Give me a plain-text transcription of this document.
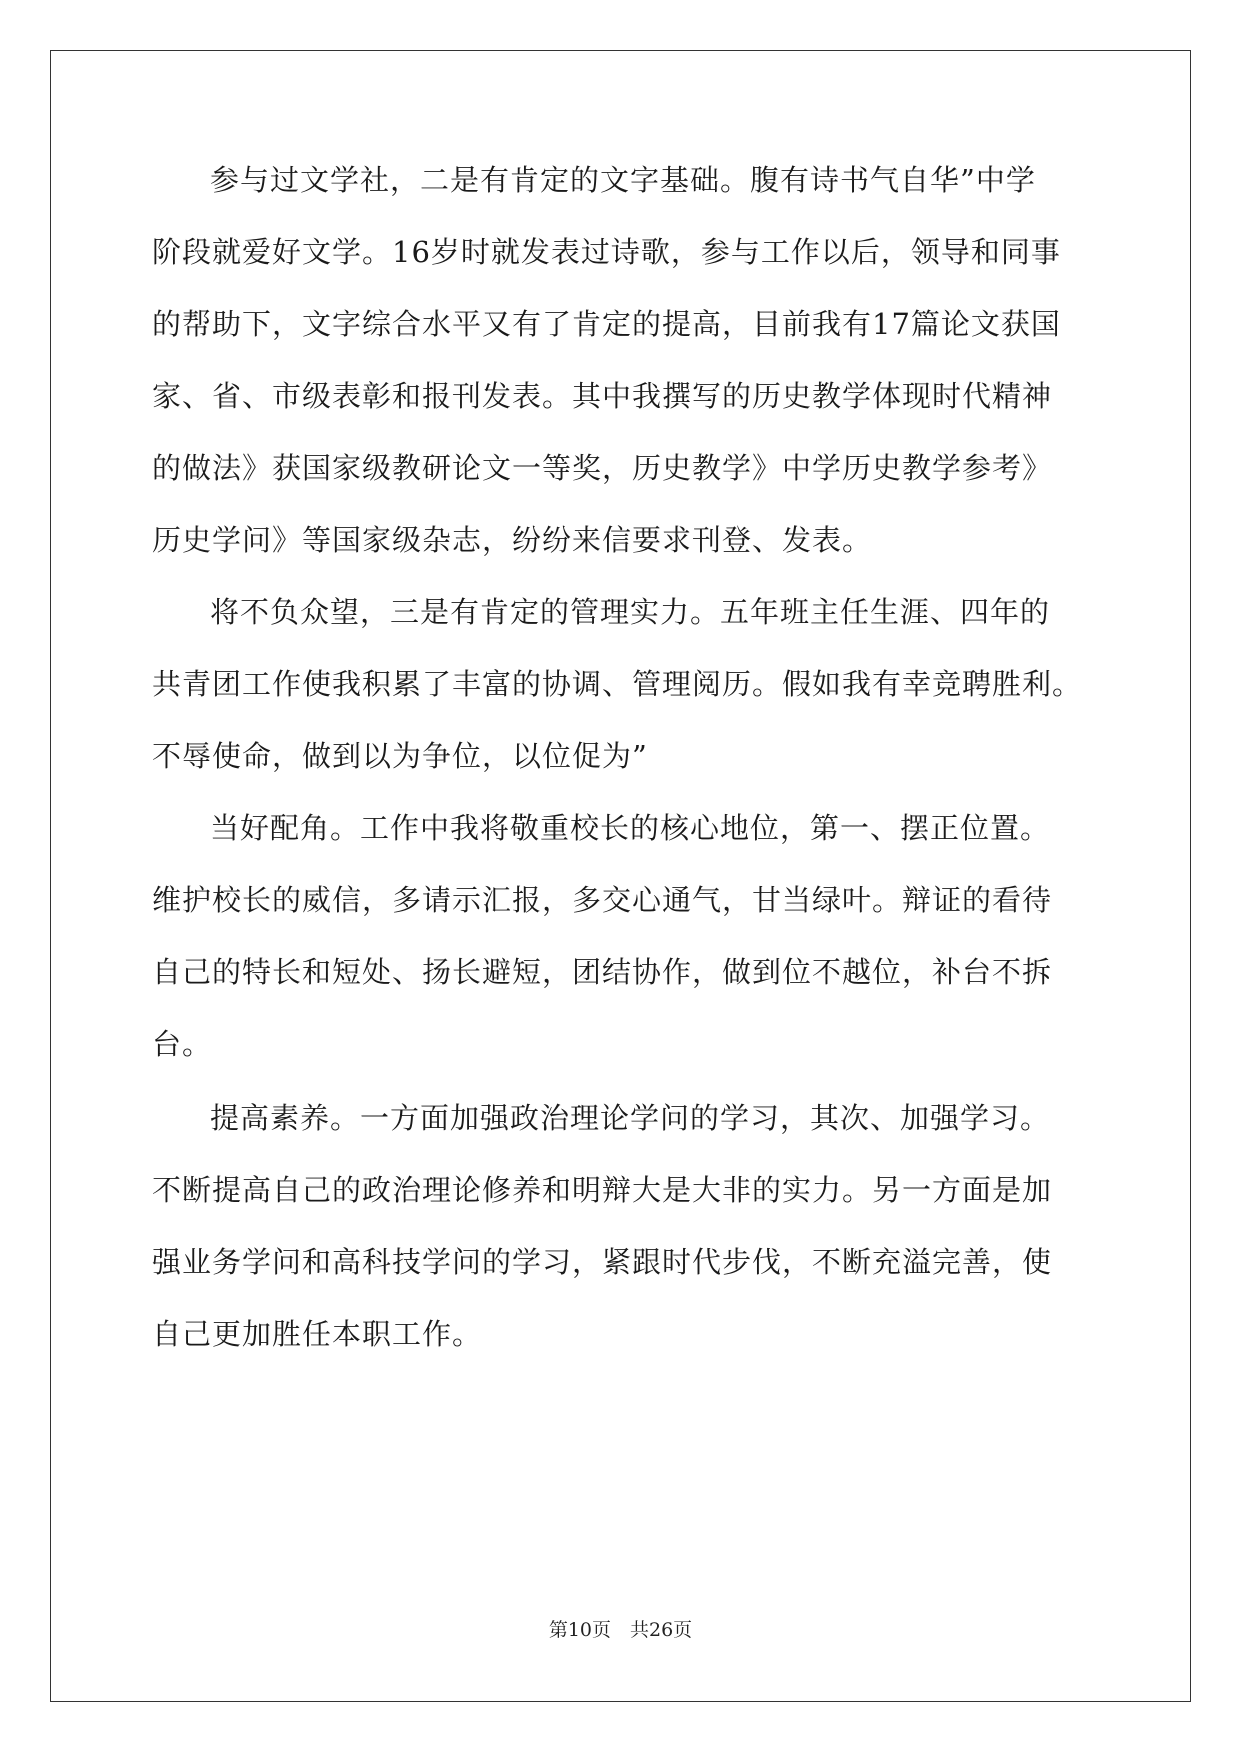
参与过文学社，二是有肯定的文字基础。腹有诗书气自华”中学
阶段就爱好文学。16岁时就发表过诗歌，参与工作以后，领导和同事
的帮助下，文字综合水平又有了肯定的提高，目前我有17篇论文获国
家、省、市级表彰和报刊发表。其中我撰写的历史教学体现时代精神
的做法》获国家级教研论文一等奖，历史教学》中学历史教学参考》
历史学问》等国家级杂志，纷纷来信要求刊登、发表。
将不负众望，三是有肯定的管理实力。五年班主任生涯、四年的
共青团工作使我积累了丰富的协调、管理阅历。假如我有幸竞聘胜利。
不辱使命，做到以为争位，以位促为”
当好配角。工作中我将敬重校长的核心地位，第一、摆正位置。
维护校长的威信，多请示汇报，多交心通气，甘当绿叶。辩证的看待
自己的特长和短处、扬长避短，团结协作，做到位不越位，补台不拆
台。
提高素养。一方面加强政治理论学问的学习，其次、加强学习。
不断提高自己的政治理论修养和明辩大是大非的实力。另一方面是加
强业务学问和高科技学问的学习，紧跟时代步伐，不断充溢完善，使
自己更加胜任本职工作。
第10页　共26页
